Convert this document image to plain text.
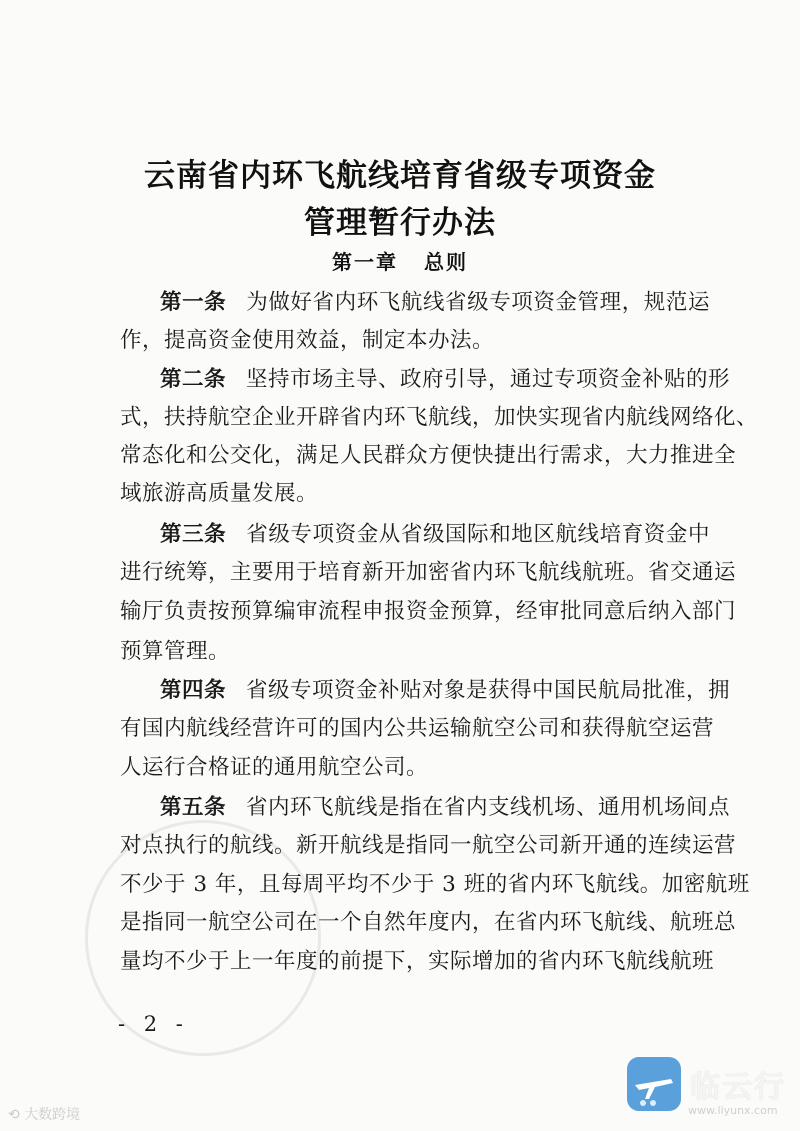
云南省内环飞航线培育省级专项资金
管理暂行办法
第一章 总则
第一条 为做好省内环飞航线省级专项资金管理，规范运
作，提高资金使用效益，制定本办法。
第二条 坚持市场主导、政府引导，通过专项资金补贴的形
式，扶持航空企业开辟省内环飞航线，加快实现省内航线网络化、
常态化和公交化，满足人民群众方便快捷出行需求，大力推进全
域旅游高质量发展。
第三条 省级专项资金从省级国际和地区航线培育资金中
进行统筹，主要用于培育新开加密省内环飞航线航班。省交通运
输厅负责按预算编审流程申报资金预算，经审批同意后纳入部门
预算管理。
第四条 省级专项资金补贴对象是获得中国民航局批准，拥
有国内航线经营许可的国内公共运输航空公司和获得航空运营
人运行合格证的通用航空公司。
第五条 省内环飞航线是指在省内支线机场、通用机场间点
对点执行的航线。新开航线是指同一航空公司新开通的连续运营
不少于 3 年，且每周平均不少于 3 班的省内环飞航线。加密航班
是指同一航空公司在一个自然年度内，在省内环飞航线、航班总
量均不少于上一年度的前提下，实际增加的省内环飞航线航班
- 2 -
⟲ 大数跨境
临云行
www.liyunx.com
